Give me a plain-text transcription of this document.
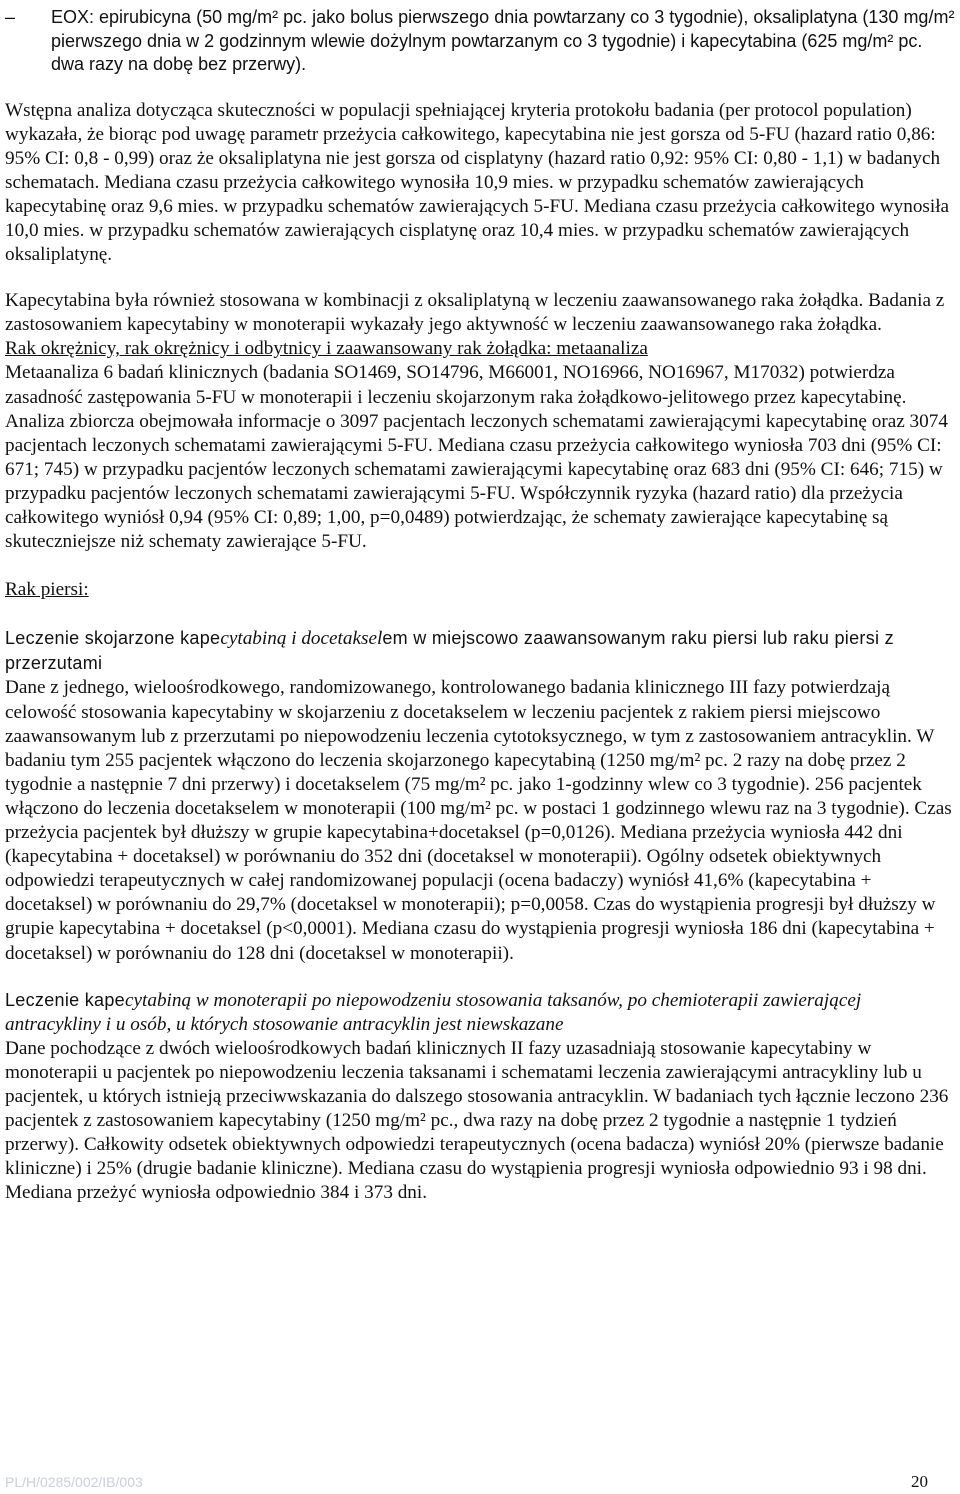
– EOX: epirubicyna (50 mg/m² pc. jako bolus pierwszego dnia powtarzany co 3 tygodnie), oksaliplatyna (130 mg/m² pierwszego dnia w 2 godzinnym wlewie dożylnym powtarzanym co 3 tygodnie) i kapecytabina (625 mg/m² pc. dwa razy na dobę bez przerwy).

Wstępna analiza dotycząca skuteczności w populacji spełniającej kryteria protokołu badania (per protocol population) wykazała, że biorąc pod uwagę parametr przeżycia całkowitego, kapecytabina nie jest gorsza od 5-FU (hazard ratio 0,86: 95% CI: 0,8 - 0,99) oraz że oksaliplatyna nie jest gorsza od cisplatyny (hazard ratio 0,92: 95% CI: 0,80 - 1,1) w badanych schematach. Mediana czasu przeżycia całkowitego wynosiła 10,9 mies. w przypadku schematów zawierających kapecytabinę oraz 9,6 mies. w przypadku schematów zawierających 5-FU. Mediana czasu przeżycia całkowitego wynosiła 10,0 mies. w przypadku schematów zawierających cisplatynę oraz 10,4 mies. w przypadku schematów zawierających oksaliplatynę.

Kapecytabina była również stosowana w kombinacji z oksaliplatyną w leczeniu zaawansowanego raka żołądka. Badania z zastosowaniem kapecytabiny w monoterapii wykazały jego aktywność w leczeniu zaawansowanego raka żołądka.

Rak okrężnicy, rak okrężnicy i odbytnicy i zaawansowany rak żołądka: metaanaliza

Metaanaliza 6 badań klinicznych (badania SO1469, SO14796, M66001, NO16966, NO16967, M17032) potwierdza zasadność zastępowania 5-FU w monoterapii i leczeniu skojarzonym raka żołądkowo-jelitowego przez kapecytabinę. Analiza zbiorcza obejmowała informacje o 3097 pacjentach leczonych schematami zawierającymi kapecytabinę oraz 3074 pacjentach leczonych schematami zawierającymi 5-FU. Mediana czasu przeżycia całkowitego wyniosła 703 dni (95% CI: 671; 745) w przypadku pacjentów leczonych schematami zawierającymi kapecytabinę oraz 683 dni (95% CI: 646; 715) w przypadku pacjentów leczonych schematami zawierającymi 5-FU. Współczynnik ryzyka (hazard ratio) dla przeżycia całkowitego wyniósł 0,94 (95% CI: 0,89; 1,00, p=0,0489) potwierdzając, że schematy zawierające kapecytabinę są skuteczniejsze niż schematy zawierające 5-FU.

Rak piersi:

Leczenie skojarzone kapecytabiną i docetakselem w miejscowo zaawansowanym raku piersi lub raku piersi z przerzutami

Dane z jednego, wieloośrodkowego, randomizowanego, kontrolowanego badania klinicznego III fazy potwierdzają celowość stosowania kapecytabiny w skojarzeniu z docetakselem w leczeniu pacjentek z rakiem piersi miejscowo zaawansowanym lub z przerzutami po niepowodzeniu leczenia cytotoksycznego, w tym z zastosowaniem antracyklin. W badaniu tym 255 pacjentek włączono do leczenia skojarzonego kapecytabiną (1250 mg/m² pc. 2 razy na dobę przez 2 tygodnie a następnie 7 dni przerwy) i docetakselem (75 mg/m² pc. jako 1-godzinny wlew co 3 tygodnie). 256 pacjentek włączono do leczenia docetakselem w monoterapii (100 mg/m² pc. w postaci 1 godzinnego wlewu raz na 3 tygodnie). Czas przeżycia pacjentek był dłuższy w grupie kapecytabina+docetaksel (p=0,0126). Mediana przeżycia wyniosła 442 dni (kapecytabina + docetaksel) w porównaniu do 352 dni (docetaksel w monoterapii). Ogólny odsetek obiektywnych odpowiedzi terapeutycznych w całej randomizowanej populacji (ocena badaczy) wyniósł 41,6% (kapecytabina + docetaksel) w porównaniu do 29,7% (docetaksel w monoterapii); p=0,0058. Czas do wystąpienia progresji był dłuższy w grupie kapecytabina + docetaksel (p<0,0001). Mediana czasu do wystąpienia progresji wyniosła 186 dni (kapecytabina + docetaksel) w porównaniu do 128 dni (docetaksel w monoterapii).

Leczenie kapecytabiną w monoterapii po niepowodzeniu stosowania taksanów, po chemioterapii zawierającej antracykliny i u osób, u których stosowanie antracyklin jest niewskazane

Dane pochodzące z dwóch wieloośrodkowych badań klinicznych II fazy uzasadniają stosowanie kapecytabiny w monoterapii u pacjentek po niepowodzeniu leczenia taksanami i schematami leczenia zawierającymi antracykliny lub u pacjentek, u których istnieją przeciwwskazania do dalszego stosowania antracyklin. W badaniach tych łącznie leczono 236 pacjentek z zastosowaniem kapecytabiny (1250 mg/m² pc., dwa razy na dobę przez 2 tygodnie a następnie 1 tydzień przerwy). Całkowity odsetek obiektywnych odpowiedzi terapeutycznych (ocena badacza) wyniósł 20% (pierwsze badanie kliniczne) i 25% (drugie badanie kliniczne). Mediana czasu do wystąpienia progresji wyniosła odpowiednio 93 i 98 dni. Mediana przeżyć wyniosła odpowiednio 384 i 373 dni.

PL/H/0285/002/IB/003	20
